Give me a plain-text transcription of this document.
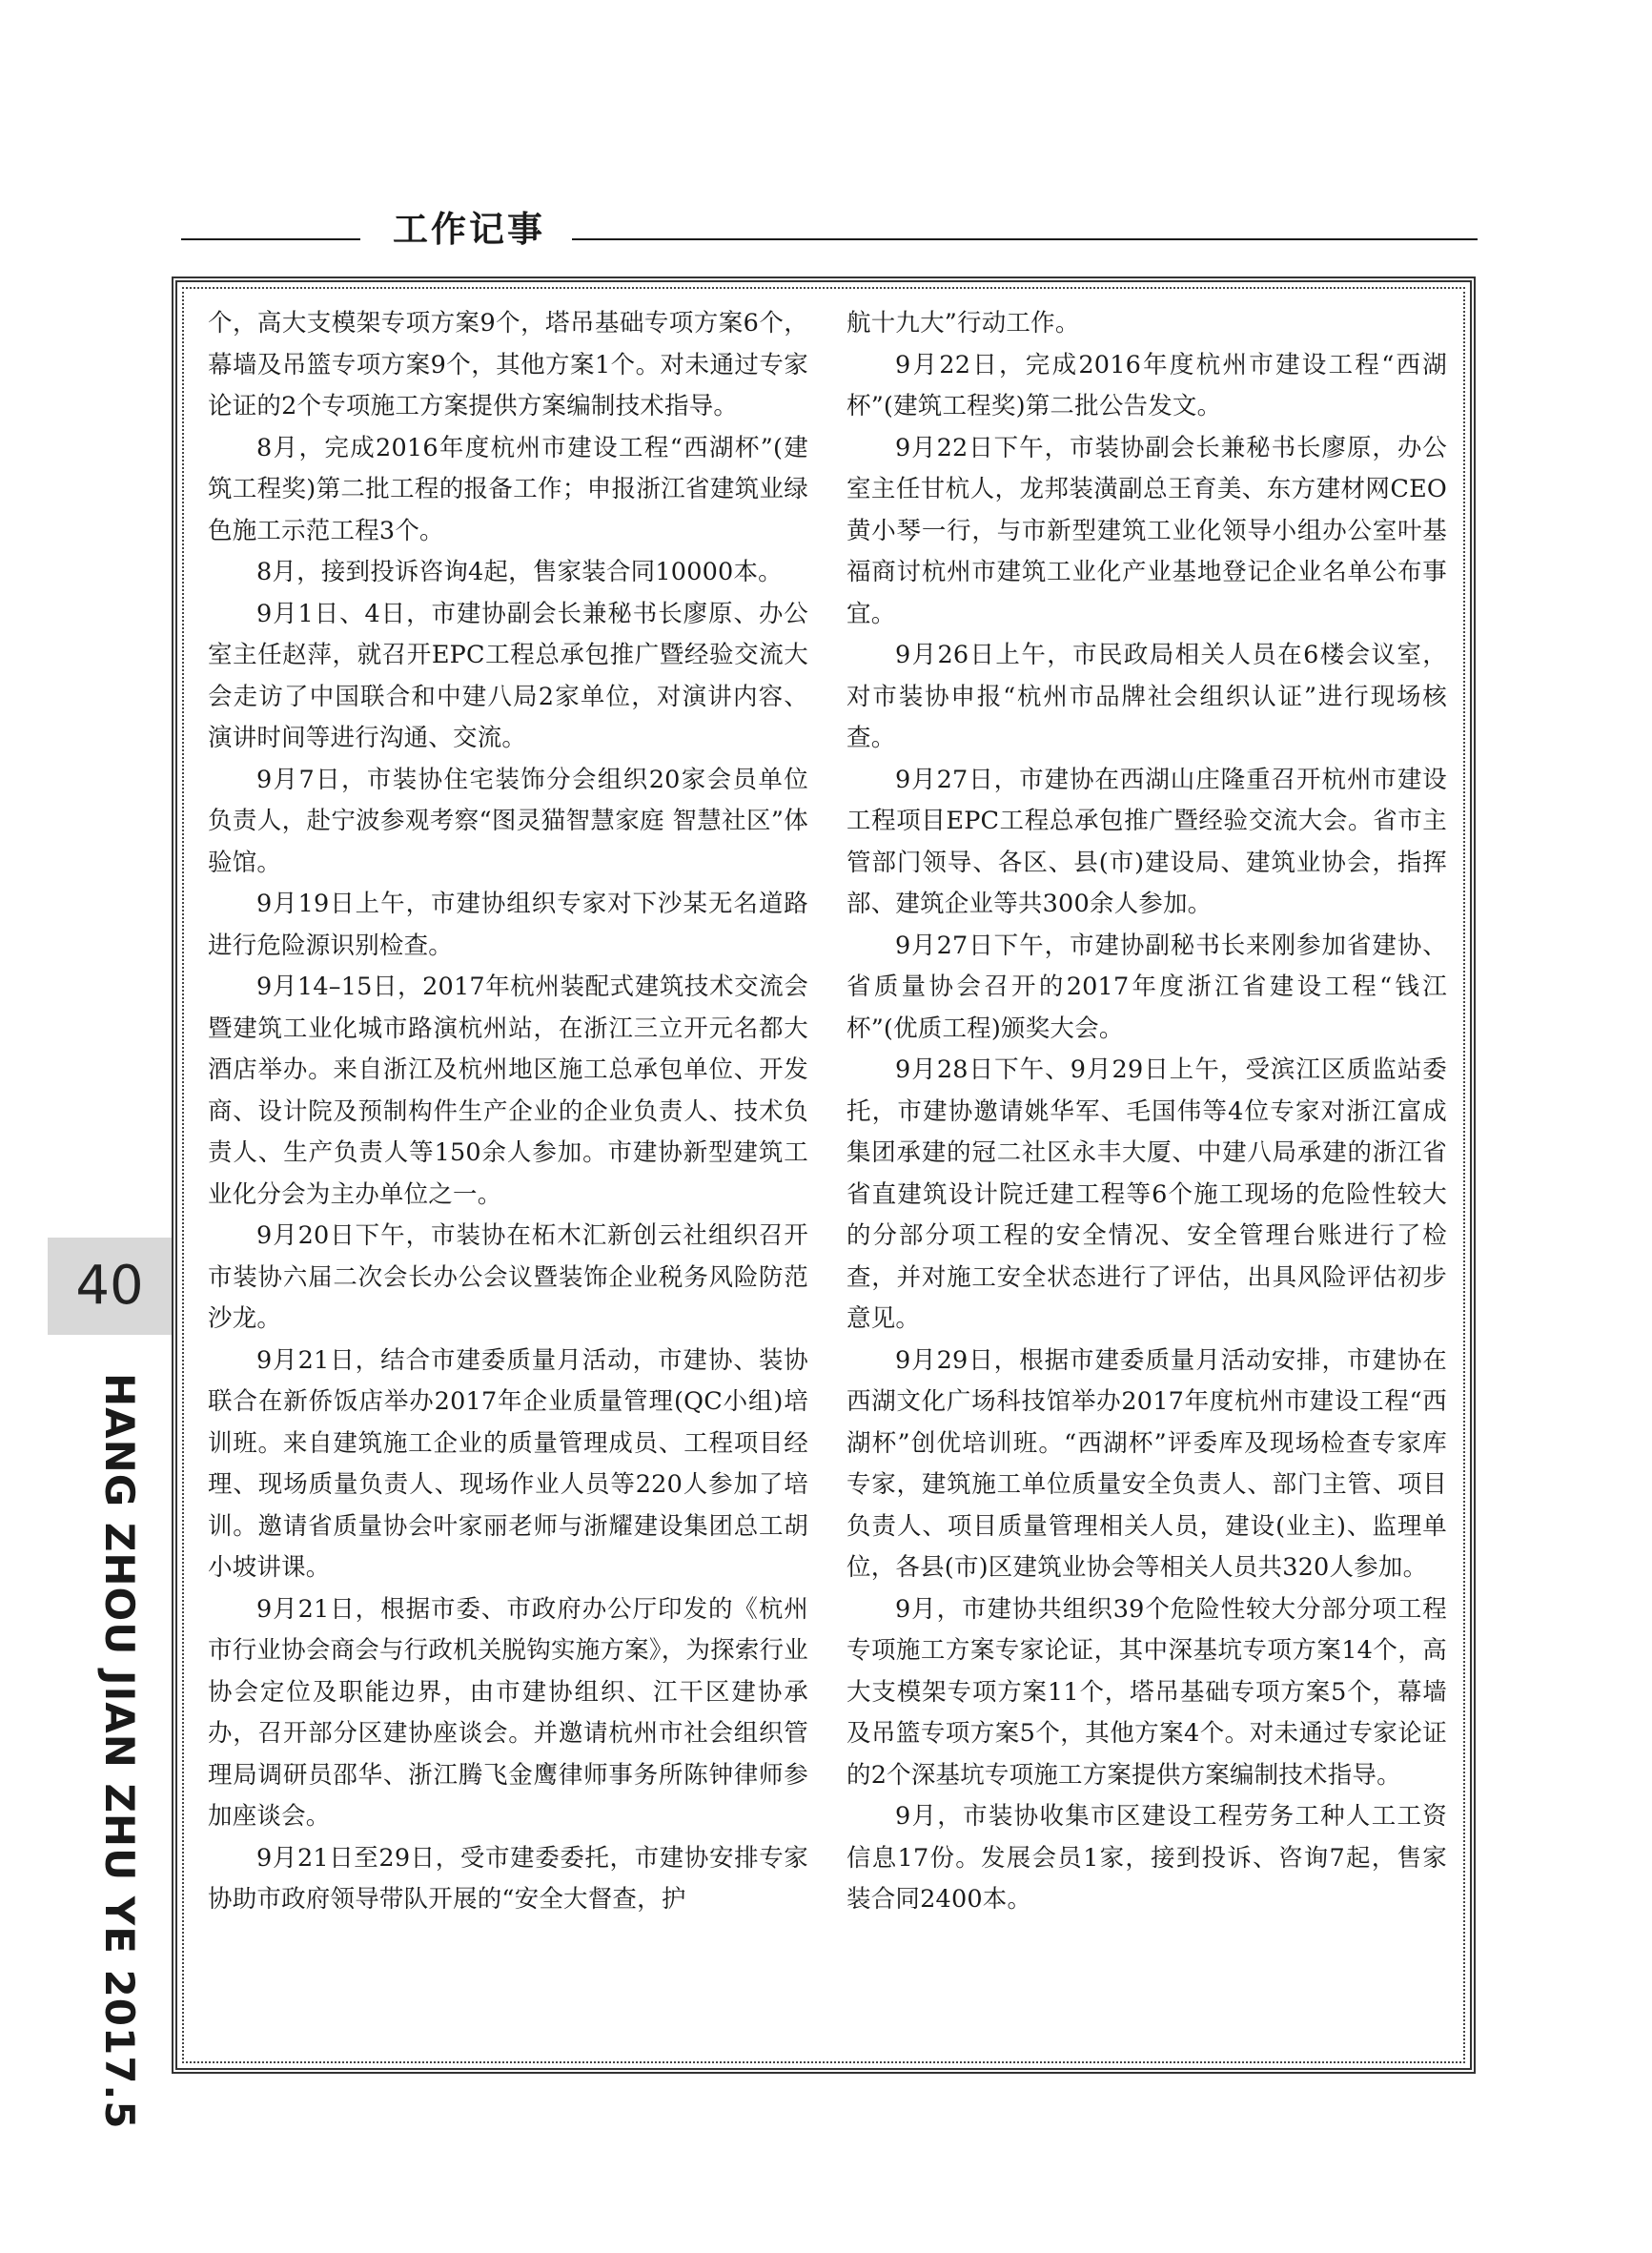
工作记事

个，高大支模架专项方案9个，塔吊基础专项方案6个，幕墙及吊篮专项方案9个，其他方案1个。对未通过专家论证的2个专项施工方案提供方案编制技术指导。

8月，完成2016年度杭州市建设工程“西湖杯”(建筑工程奖)第二批工程的报备工作；申报浙江省建筑业绿色施工示范工程3个。

8月，接到投诉咨询4起，售家装合同10000本。

9月1日、4日，市建协副会长兼秘书长廖原、办公室主任赵萍，就召开EPC工程总承包推广暨经验交流大会走访了中国联合和中建八局2家单位，对演讲内容、演讲时间等进行沟通、交流。

9月7日，市装协住宅装饰分会组织20家会员单位负责人，赴宁波参观考察“图灵猫智慧家庭 智慧社区”体验馆。

9月19日上午，市建协组织专家对下沙某无名道路进行危险源识别检查。

9月14–15日，2017年杭州装配式建筑技术交流会暨建筑工业化城市路演杭州站，在浙江三立开元名都大酒店举办。来自浙江及杭州地区施工总承包单位、开发商、设计院及预制构件生产企业的企业负责人、技术负责人、生产负责人等150余人参加。市建协新型建筑工业化分会为主办单位之一。

9月20日下午，市装协在柘木汇新创云社组织召开市装协六届二次会长办公会议暨装饰企业税务风险防范沙龙。

9月21日，结合市建委质量月活动，市建协、装协联合在新侨饭店举办2017年企业质量管理(QC小组)培训班。来自建筑施工企业的质量管理成员、工程项目经理、现场质量负责人、现场作业人员等220人参加了培训。邀请省质量协会叶家丽老师与浙耀建设集团总工胡小坡讲课。

9月21日，根据市委、市政府办公厅印发的《杭州市行业协会商会与行政机关脱钩实施方案》，为探索行业协会定位及职能边界，由市建协组织、江干区建协承办，召开部分区建协座谈会。并邀请杭州市社会组织管理局调研员邵华、浙江腾飞金鹰律师事务所陈钟律师参加座谈会。

9月21日至29日，受市建委委托，市建协安排专家协助市政府领导带队开展的“安全大督查，护

航十九大”行动工作。

9月22日，完成2016年度杭州市建设工程“西湖杯”(建筑工程奖)第二批公告发文。

9月22日下午，市装协副会长兼秘书长廖原，办公室主任甘杭人，龙邦装潢副总王育美、东方建材网CEO黄小琴一行，与市新型建筑工业化领导小组办公室叶基福商讨杭州市建筑工业化产业基地登记企业名单公布事宜。

9月26日上午，市民政局相关人员在6楼会议室，对市装协申报“杭州市品牌社会组织认证”进行现场核查。

9月27日，市建协在西湖山庄隆重召开杭州市建设工程项目EPC工程总承包推广暨经验交流大会。省市主管部门领导、各区、县(市)建设局、建筑业协会，指挥部、建筑企业等共300余人参加。

9月27日下午，市建协副秘书长来刚参加省建协、省质量协会召开的2017年度浙江省建设工程“钱江杯”(优质工程)颁奖大会。

9月28日下午、9月29日上午，受滨江区质监站委托，市建协邀请姚华军、毛国伟等4位专家对浙江富成集团承建的冠二社区永丰大厦、中建八局承建的浙江省省直建筑设计院迁建工程等6个施工现场的危险性较大的分部分项工程的安全情况、安全管理台账进行了检查，并对施工安全状态进行了评估，出具风险评估初步意见。

9月29日，根据市建委质量月活动安排，市建协在西湖文化广场科技馆举办2017年度杭州市建设工程“西湖杯”创优培训班。“西湖杯”评委库及现场检查专家库专家，建筑施工单位质量安全负责人、部门主管、项目负责人、项目质量管理相关人员，建设(业主)、监理单位，各县(市)区建筑业协会等相关人员共320人参加。

9月，市建协共组织39个危险性较大分部分项工程专项施工方案专家论证，其中深基坑专项方案14个，高大支模架专项方案11个，塔吊基础专项方案5个，幕墙及吊篮专项方案5个，其他方案4个。对未通过专家论证的2个深基坑专项施工方案提供方案编制技术指导。

9月，市装协收集市区建设工程劳务工种人工工资信息17份。发展会员1家，接到投诉、咨询7起，售家装合同2400本。

40
HANG ZHOU JIAN ZHU YE 2017.5
